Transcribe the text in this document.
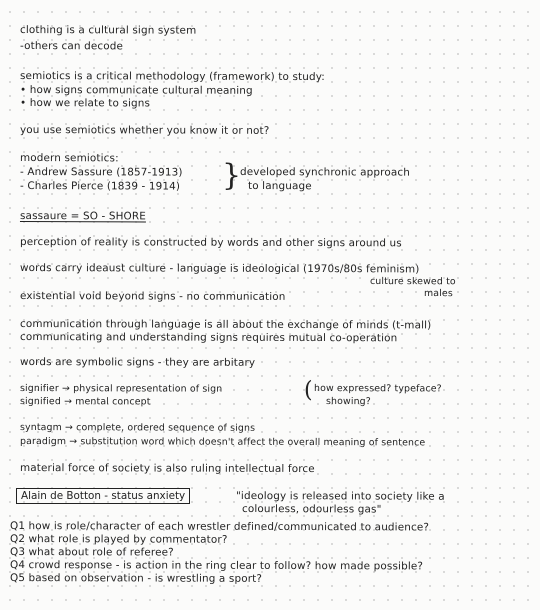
clothing is a cultural sign system
-others can decode
semiotics is a critical methodology (framework) to study:
• how signs communicate cultural meaning
• how we relate to signs
you use semiotics whether you know it or not?
modern semiotics:
- Andrew Sassure (1857-1913)
- Charles Pierce (1839 - 1914) }
developed synchronic approach
to language
sassaure = SO - SHORE
perception of reality is constructed by words and other signs around us
words carry ideaust culture - language is ideological (1970s/80s feminism)
culture skewed to
males
existential void beyond signs - no communication
communication through language is all about the exchange of minds (t-mall)
communicating and understanding signs requires mutual co-operation
words are symbolic signs - they are arbitary
signifier → physical representation of sign
signified → mental concept	( how expressed? typeface?
showing?
syntagm → complete, ordered sequence of signs
paradigm → substitution word which doesn't affect the overall meaning of sentence
material force of society is also ruling intellectual force
Alain de Botton - status anxiety	"ideology is released into society like a
colourless, odourless gas"
Q1 how is role/character of each wrestler defined/communicated to audience?
Q2 what role is played by commentator?
Q3 what about role of referee?
Q4 crowd response - is action in the ring clear to follow? how made possible?
Q5 based on observation - is wrestling a sport?
